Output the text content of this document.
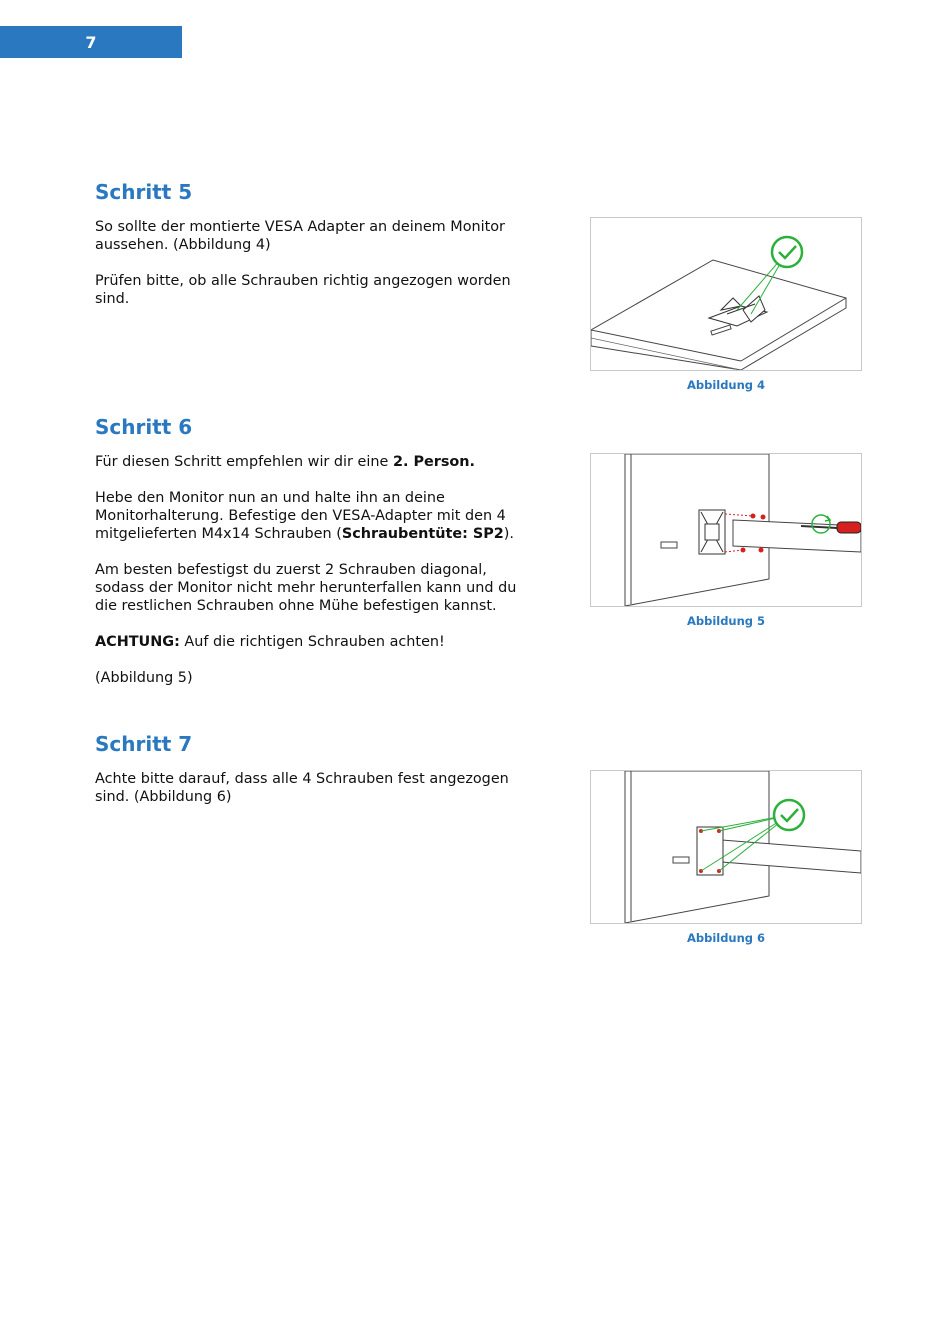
7
Schritt 5

So sollte der montierte VESA Adapter an deinem Monitor aussehen. (Abbildung 4)

Prüfen bitte, ob alle Schrauben richtig angezogen worden sind.

Abbildung 4
Schritt 6

Für diesen Schritt empfehlen wir dir eine 2. Person.

Hebe den Monitor nun an und halte ihn an deine Monitorhalterung. Befestige den VESA-Adapter mit den 4 mitgelieferten M4x14 Schrauben (Schraubentüte: SP2).

Am besten befestigst du zuerst 2 Schrauben diagonal, sodass der Monitor nicht mehr herunterfallen kann und du die restlichen Schrauben ohne Mühe befestigen kannst.

ACHTUNG: Auf die richtigen Schrauben achten!

(Abbildung 5)

Abbildung 5
Schritt 7

Achte bitte darauf, dass alle 4 Schrauben fest angezogen sind. (Abbildung 6)

Abbildung 6
